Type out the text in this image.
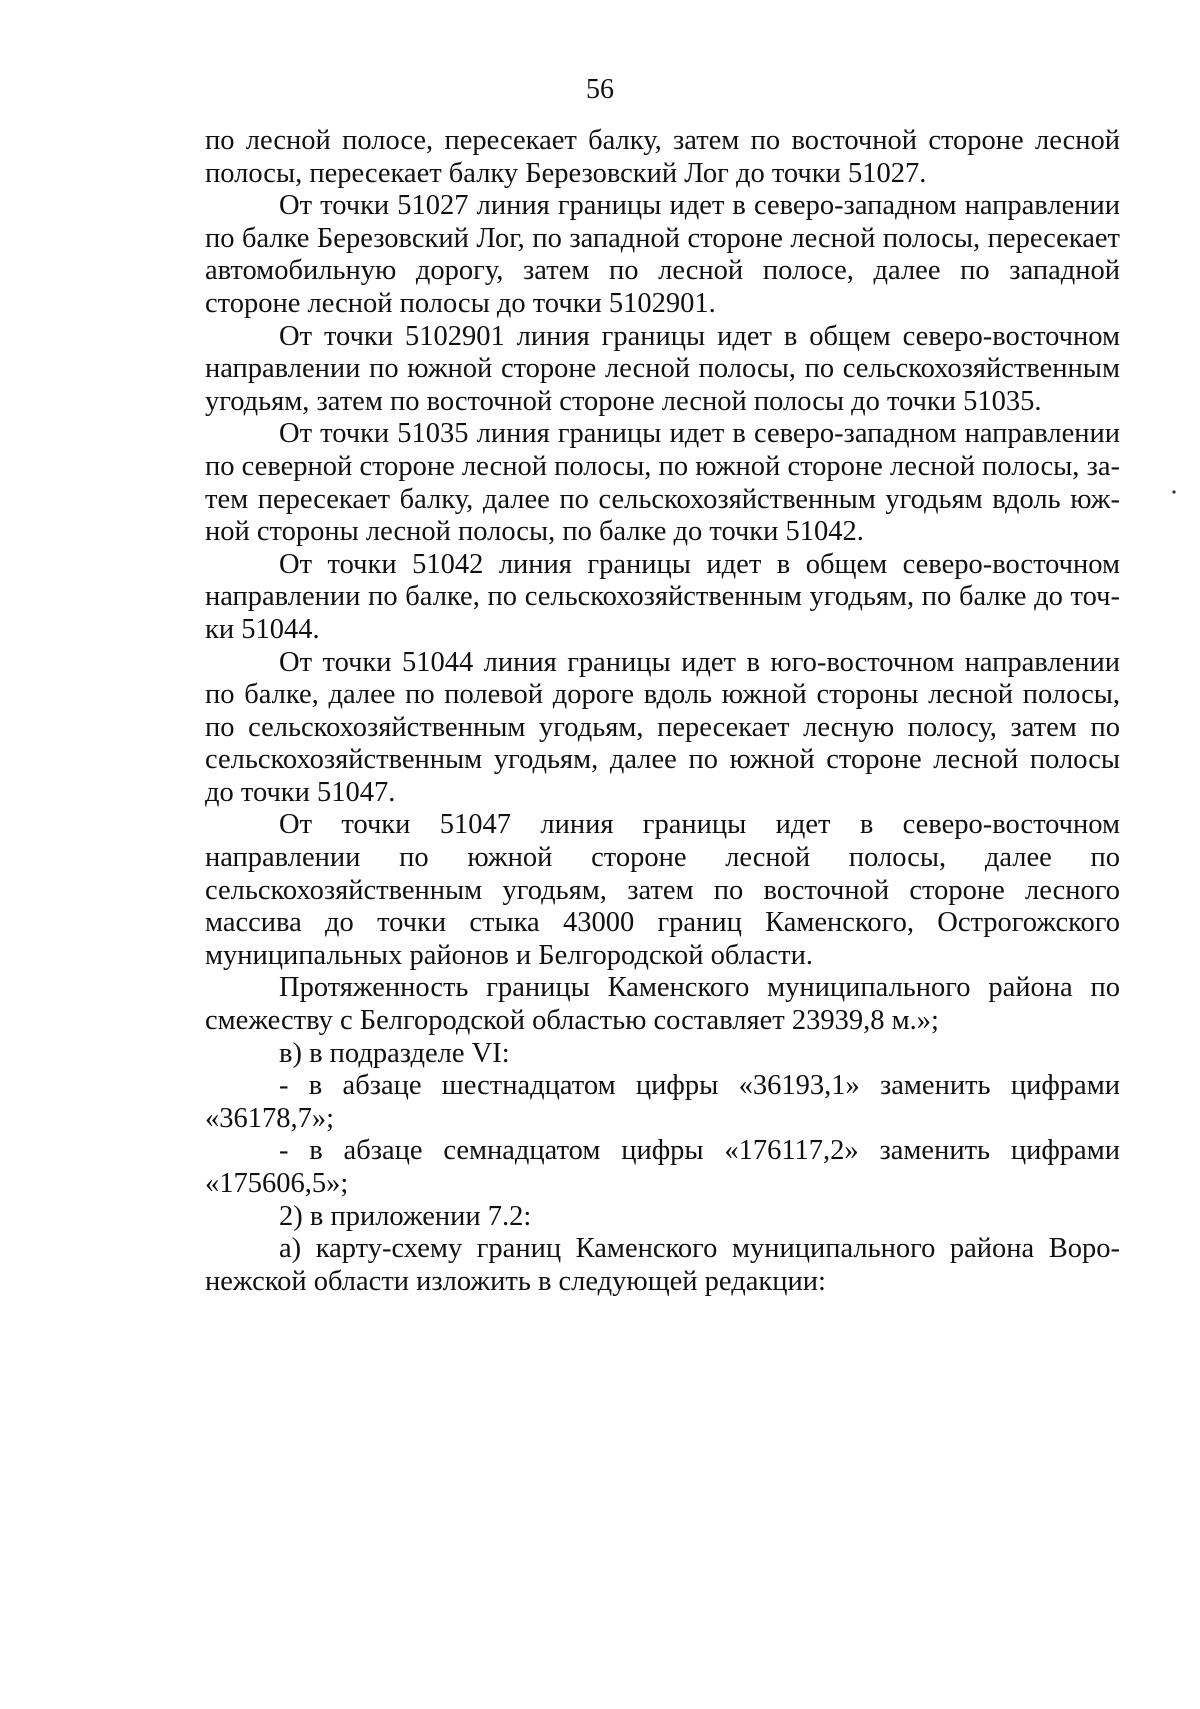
56

по лесной полосе, пересекает балку, затем по восточной стороне лесной полосы, пересекает балку Березовский Лог до точки 51027.

От точки 51027 линия границы идет в северо-западном направлении по балке Березовский Лог, по западной стороне лесной полосы, пересекает автомобильную дорогу, затем по лесной полосе, далее по западной стороне лесной полосы до точки 5102901.

От точки 5102901 линия границы идет в общем северо-восточном направлении по южной стороне лесной полосы, по сельскохозяйственным угодьям, затем по восточной стороне лесной полосы до точки 51035.

От точки 51035 линия границы идет в северо-западном направлении по северной стороне лесной полосы, по южной стороне лесной полосы, затем пересекает балку, далее по сельскохозяйственным угодьям вдоль южной стороны лесной полосы, по балке до точки 51042.

От точки 51042 линия границы идет в общем северо-восточном направлении по балке, по сельскохозяйственным угодьям, по балке до точки 51044.

От точки 51044 линия границы идет в юго-восточном направлении по балке, далее по полевой дороге вдоль южной стороны лесной полосы, по сельскохозяйственным угодьям, пересекает лесную полосу, затем по сельскохозяйственным угодьям, далее по южной стороне лесной полосы до точки 51047.

От точки 51047 линия границы идет в северо-восточном направлении по южной стороне лесной полосы, далее по сельскохозяйственным угодьям, затем по восточной стороне лесного массива до точки стыка 43000 границ Каменского, Острогожского муниципальных районов и Белгородской области.

Протяженность границы Каменского муниципального района по смежеству с Белгородской областью составляет 23939,8 м.»;

в) в подразделе VI:

- в абзаце шестнадцатом цифры «36193,1» заменить цифрами «36178,7»;

- в абзаце семнадцатом цифры «176117,2» заменить цифрами «175606,5»;

2) в приложении 7.2:

а) карту-схему границ Каменского муниципального района Воронежской области изложить в следующей редакции:
